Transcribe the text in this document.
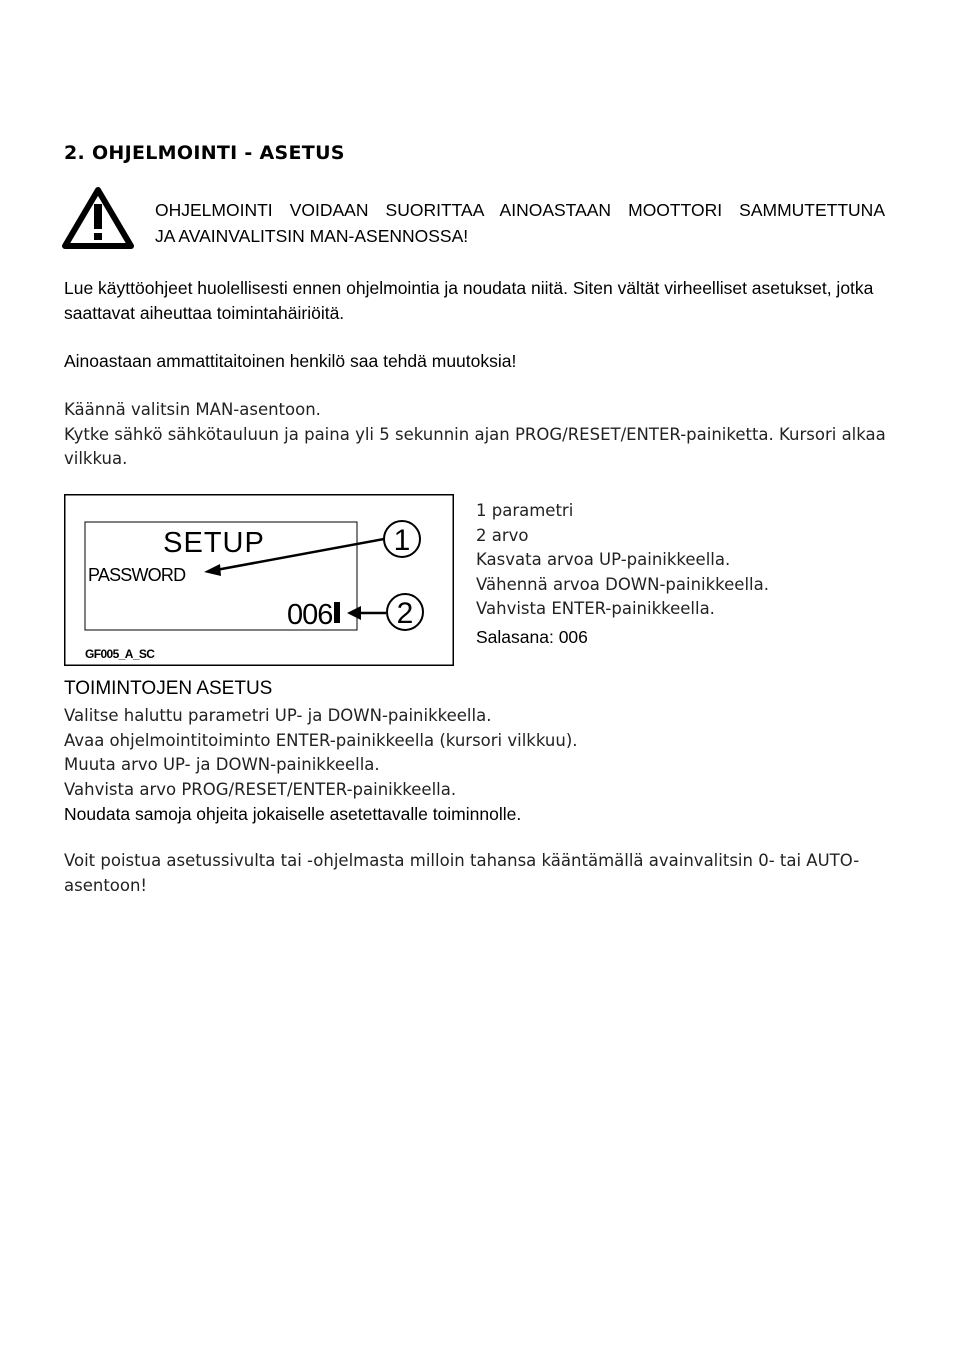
2. OHJELMOINTI - ASETUS
OHJELMOINTI VOIDAAN SUORITTAA AINOASTAAN MOOTTORI SAMMUTETTUNA
JA AVAINVALITSIN MAN-ASENNOSSA!
Lue käyttöohjeet huolellisesti ennen ohjelmointia ja noudata niitä. Siten vältät virheelliset asetukset, jotka saattavat aiheuttaa toimintahäiriöitä.
Ainoastaan ammattitaitoinen henkilö saa tehdä muutoksia!
Käännä valitsin MAN-asentoon.
Kytke sähkö sähkötauluun ja paina yli 5 sekunnin ajan PROG/RESET/ENTER-painiketta. Kursori alkaa vilkkua.
SETUP
PASSWORD
006
1
2
GF005_A_SC
1 parametri
2 arvo
Kasvata arvoa UP-painikkeella.
Vähennä arvoa DOWN-painikkeella.
Vahvista ENTER-painikkeella.
Salasana: 006
TOIMINTOJEN ASETUS
Valitse haluttu parametri UP- ja DOWN-painikkeella.
Avaa ohjelmointitoiminto ENTER-painikkeella (kursori vilkkuu).
Muuta arvo UP- ja DOWN-painikkeella.
Vahvista arvo PROG/RESET/ENTER-painikkeella.
Noudata samoja ohjeita jokaiselle asetettavalle toiminnolle.
Voit poistua asetussivulta tai -ohjelmasta milloin tahansa kääntämällä avainvalitsin 0- tai AUTO-asentoon!
